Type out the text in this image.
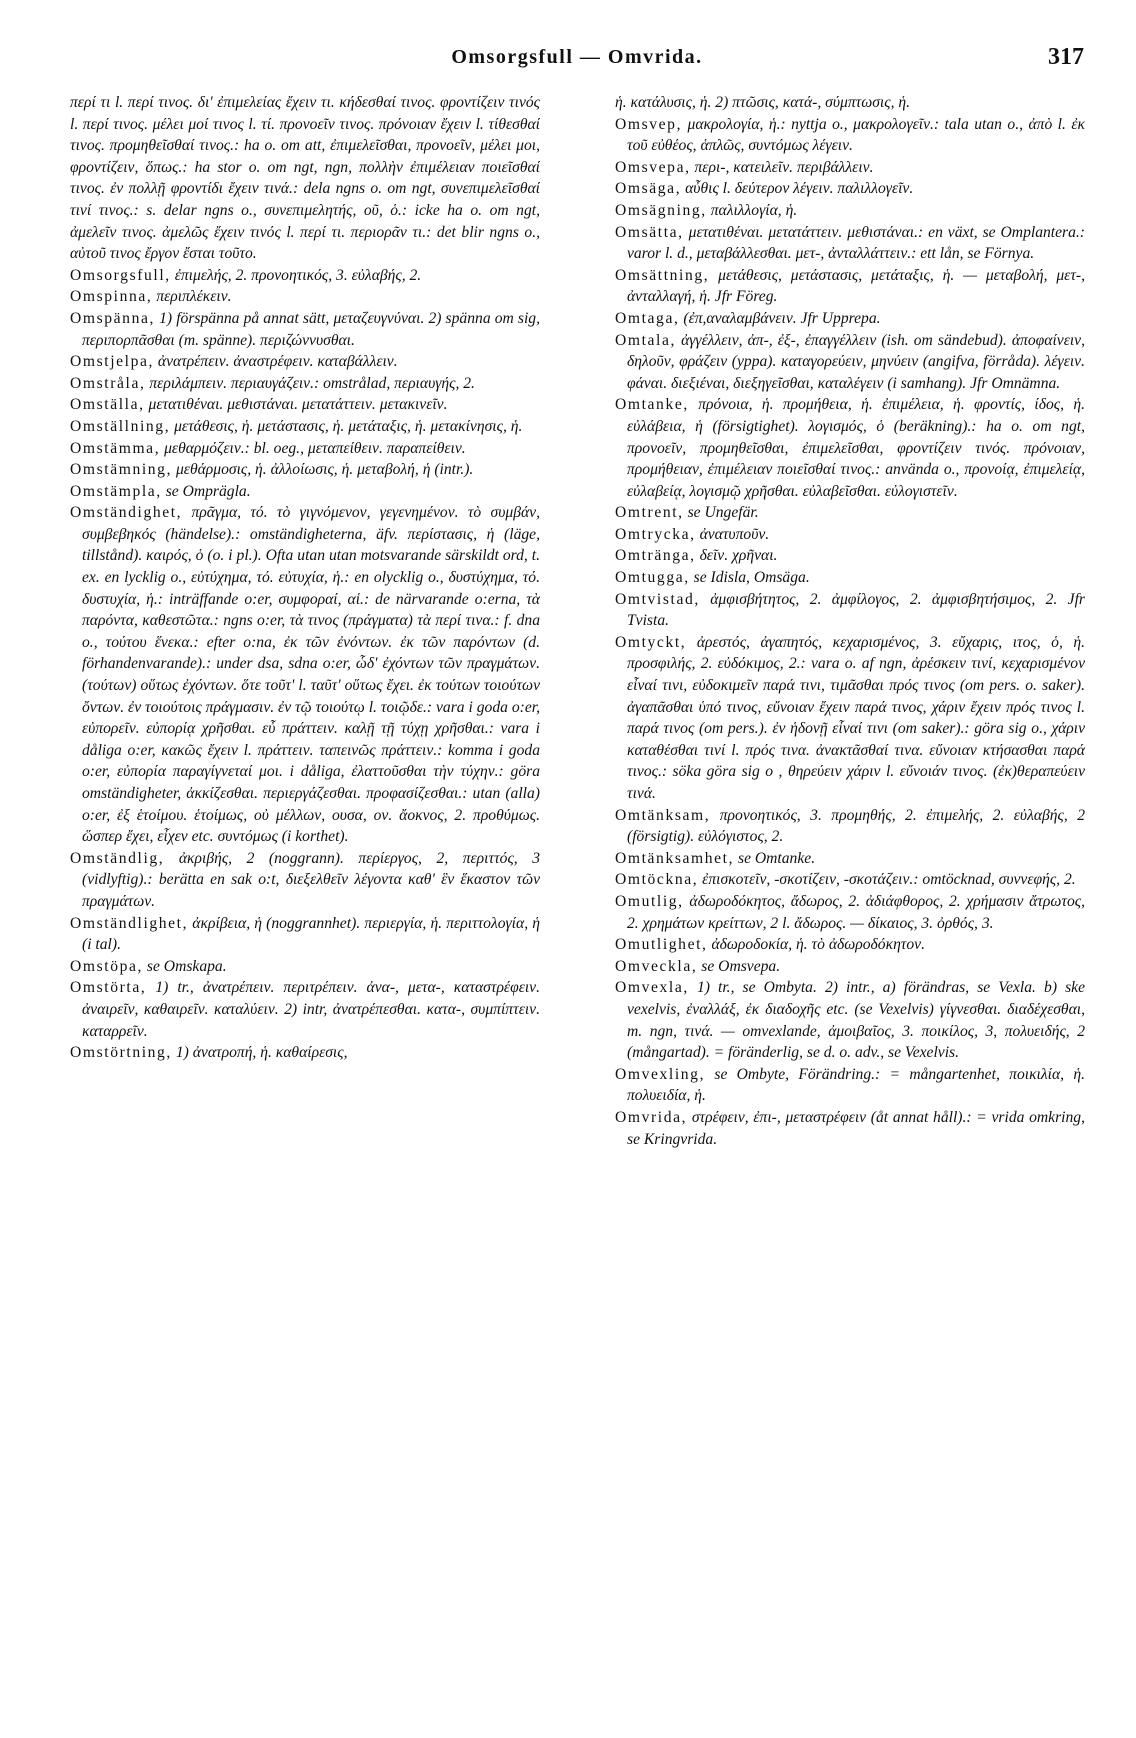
Omsorgsfull — Omvrida.	317

περί τι l. περί τινος. δι' ἐπιμελείας ἔχειν τι. κήδεσθαί τινος. φροντίζειν τινός l. περί τινος. μέλει μοί τινος l. τί. προνοεῖν τινος. πρόνοιαν ἔχειν l. τίθεσθαί τινος. προμηθεῖσθαί τινος.: ha o. om att, ἐπιμελεῖσθαι, προνοεῖν, μέλει μοι, φροντίζειν, ὅπως.: ha stor o. om ngt, ngn, πολλὴν ἐπιμέλειαν ποιεῖσθαί τινος. ἐν πολλῇ φροντίδι ἔχειν τινά.: dela ngns o. om ngt, συνεπιμελεῖσθαί τινί τινος.: s. delar ngns o., συνεπιμελητής, οῦ, ὁ.: icke ha o. om ngt, ἀμελεῖν τινος. ἀμελῶς ἔχειν τινός l. περί τι. περιορᾶν τι.: det blir ngns o., αὐτοῦ τινος ἔργον ἔσται τοῦτο.

Omsorgsfull, ἐπιμελής, 2. προνοητικός, 3. εὐλαβής, 2.

Omspinna, περιπλέκειν.

Omspänna, 1) förspänna på annat sätt, μεταζευγνύναι. 2) spänna om sig, περιπορπᾶσθαι (m. spänne). περιζώννυσθαι.

Omstjelpa, ἀνατρέπειν. ἀναστρέφειν. καταβάλλειν.

Omstråla, περιλάμπειν. περιαυγάζειν.: omstrålad, περιαυγής, 2.

Omställa, μετατιθέναι. μεθιστάναι. μετατάττειν. μετακινεῖν.

Omställning, μετάθεσις, ἡ. μετάστασις, ἡ. μετάταξις, ἡ. μετακίνησις, ἡ.

Omstämma, μεθαρμόζειν.: bl. oeg., μεταπείθειν. παραπείθειν.

Omstämning, μεθάρμοσις, ἡ. ἀλλοίωσις, ἡ. μεταβολή, ἡ (intr.).

Omstämpla, se Omprägla.

Omständighet, πρᾶγμα, τό. τὸ γιγνόμενον, γεγενημένον. τὸ συμβάν, συμβεβηκός (händelse).: omständigheterna, äfv. περίστασις, ἡ (läge, tillstånd). καιρός, ὁ (o. i pl.). Ofta utan utan motsvarande särskildt ord, t. ex. en lycklig o., εὐτύχημα, τό. εὐτυχία, ἡ.: en olycklig o., δυστύχημα, τό. δυστυχία, ἡ.: inträffande o:er, συμφοραί, αἱ.: de närvarande o:erna, τὰ παρόντα, καθεστῶτα.: ngns o:er, τὰ τινος (πράγματα) τὰ περί τινα.: f. dna o., τούτου ἕνεκα.: efter o:na, ἐκ τῶν ἐνόντων. ἐκ τῶν παρόντων (d. förhandenvarande).: under dsa, sdna o:er, ὧδ' ἐχόντων τῶν πραγμάτων. (τούτων) οὕτως ἐχόντων. ὅτε τοῦτ' l. ταῦτ' οὕτως ἔχει. ἐκ τούτων τοιούτων ὄντων. ἐν τοιούτοις πράγμασιν. ἐν τῷ τοιούτῳ l. τοιῷδε.: vara i goda o:er, εὐπορεῖν. εὐπορίᾳ χρῆσθαι. εὖ πράττειν. καλῇ τῇ τύχῃ χρῆσθαι.: vara i dåliga o:er, κακῶς ἔχειν l. πράττειν. ταπεινῶς πράττειν.: komma i goda o:er, εὐπορία παραγίγνεταί μοι. i dåliga, ἐλαττοῦσθαι τὴν τύχην.: göra omständigheter, ἀκκίζεσθαι. περιεργάζεσθαι. προφασίζεσθαι.: utan (alla) o:er, ἐξ ἑτοίμου. ἑτοίμως, οὐ μέλλων, ουσα, ον. ἄοκνος, 2. προθύμως. ὥσπερ ἔχει, εἶχεν etc. συντόμως (i korthet).

Omständlig, ἀκριβής, 2 (noggrann). περίεργος, 2, περιττός, 3 (vidlyftig).: berätta en sak o:t, διεξελθεῖν λέγοντα καθ' ἓν ἕκαστον τῶν πραγμάτων.

Omständlighet, ἀκρίβεια, ἡ (noggrannhet). περιεργία, ἡ. περιττολογία, ἡ (i tal).

Omstöpa, se Omskapa.

Omstörta, 1) tr., ἀνατρέπειν. περιτρέπειν. ἀνα-, μετα-, καταστρέφειν. ἀναιρεῖν, καθαιρεῖν. καταλύειν. 2) intr, ἀνατρέπεσθαι. κατα-, συμπίπτειν. καταρρεῖν.

Omstörtning, 1) ἀνατροπή, ἡ. καθαίρεσις,

ἡ. κατάλυσις, ἡ. 2) πτῶσις, κατά-, σύμπτωσις, ἡ.

Omsvep, μακρολογία, ἡ.: nyttja o., μακρολογεῖν.: tala utan o., ἀπὸ l. ἐκ τοῦ εὐθέος, ἁπλῶς, συντόμως λέγειν.

Omsvepa, περι-, κατειλεῖν. περιβάλλειν.

Omsäga, αὖθις l. δεύτερον λέγειν. παλιλλογεῖν.

Omsägning, παλιλλογία, ἡ.

Omsätta, μετατιθέναι. μετατάττειν. μεθιστάναι.: en växt, se Omplantera.: varor l. d., μεταβάλλεσθαι. μετ-, ἀνταλλάττειν.: ett lån, se Förnya.

Omsättning, μετάθεσις, μετάστασις, μετάταξις, ἡ. — μεταβολή, μετ-, ἀνταλλαγή, ἡ. Jfr Föreg.

Omtaga, (ἐπ,αναλαμβάνειν. Jfr Upprepa.

Omtala, ἀγγέλλειν, ἀπ-, ἐξ-, ἐπαγγέλλειν (ish. om sändebud). ἀποφαίνειν, δηλοῦν, φράζειν (yppa). καταγορεύειν, μηνύειν (angifva, förråda). λέγειν. φάναι. διεξιέναι, διεξηγεῖσθαι, καταλέγειν (i samhang). Jfr Omnämna.

Omtanke, πρόνοια, ἡ. προμήθεια, ἡ. ἐπιμέλεια, ἡ. φροντίς, ίδος, ἡ. εὐλάβεια, ἡ (försigtighet). λογισμός, ὁ (beräkning).: ha o. om ngt, προνοεῖν, προμηθεῖσθαι, ἐπιμελεῖσθαι, φροντίζειν τινός. πρόνοιαν, προμήθειαν, ἐπιμέλειαν ποιεῖσθαί τινος.: använda o., προνοίᾳ, ἐπιμελείᾳ, εὐλαβείᾳ, λογισμῷ χρῆσθαι. εὐλαβεῖσθαι. εὐλογιστεῖν.

Omtrent, se Ungefär.

Omtrycka, ἀνατυποῦν.

Omtränga, δεῖν. χρῆναι.

Omtugga, se Idisla, Omsäga.

Omtvistad, ἀμφισβήτητος, 2. ἀμφίλογος, 2. ἀμφισβητήσιμος, 2. Jfr Tvista.

Omtyckt, ἀρεστός, ἀγαπητός, κεχαρισμένος, 3. εὔχαρις, ιτος, ὁ, ἡ. προσφιλής, 2. εὐδόκιμος, 2.: vara o. af ngn, ἀρέσκειν τινί, κεχαρισμένον εἶναί τινι, εὐδοκιμεῖν παρά τινι, τιμᾶσθαι πρός τινος (om pers. o. saker). ἀγαπᾶσθαι ὑπό τινος, εὔνοιαν ἔχειν παρά τινος, χάριν ἔχειν πρός τινος l. παρά τινος (om pers.). ἐν ἡδονῇ εἶναί τινι (om saker).: göra sig o., χάριν καταθέσθαι τινί l. πρός τινα. ἀνακτᾶσθαί τινα. εὔνοιαν κτήσασθαι παρά τινος.: söka göra sig o , θηρεύειν χάριν l. εὔνοιάν τινος. (ἐκ)θεραπεύειν τινά.

Omtänksam, προνοητικός, 3. προμηθής, 2. ἐπιμελής, 2. εὐλαβής, 2 (försigtig). εὐλόγιστος, 2.

Omtänksamhet, se Omtanke.

Omtöckna, ἐπισκοτεῖν, -σκοτίζειν, -σκοτάζειν.: omtöcknad, συννεφής, 2.

Omutlig, ἀδωροδόκητος, ἄδωρος, 2. ἀδιάφθορος, 2. χρήμασιν ἄτρωτος, 2. χρημάτων κρείττων, 2 l. ἄδωρος. — δίκαιος, 3. ὀρθός, 3.

Omutlighet, ἀδωροδοκία, ἡ. τὸ ἀδωροδόκητον.

Omveckla, se Omsvepa.

Omvexla, 1) tr., se Ombyta. 2) intr., a) förändras, se Vexla. b) ske vexelvis, ἐναλλάξ, ἐκ διαδοχῆς etc. (se Vexelvis) γίγνεσθαι. διαδέχεσθαι, m. ngn, τινά. — omvexlande, ἀμοιβαῖος, 3. ποικίλος, 3, πολυειδής, 2 (mångartad). = föränderlig, se d. o. adv., se Vexelvis.

Omvexling, se Ombyte, Förändring.: = mångartenhet, ποικιλία, ἡ. πολυειδία, ἡ.

Omvrida, στρέφειν, ἐπι-, μεταστρέφειν (åt annat håll).: = vrida omkring, se Kringvrida.
